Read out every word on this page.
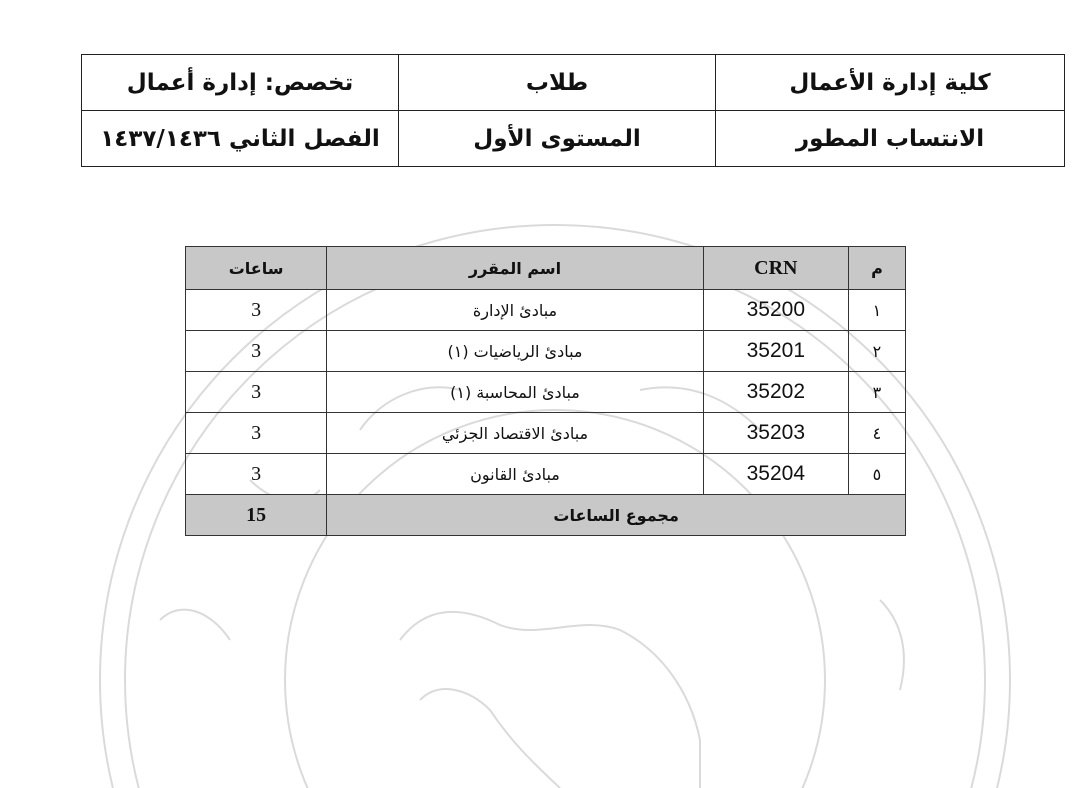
كلية إدارة الأعمال	طلاب	تخصص: إدارة أعمال
الانتساب المطور	المستوى الأول	الفصل الثاني ١٤٣٧/١٤٣٦
م	CRN	اسم المقرر	ساعات
١	35200	مبادئ الإدارة	3
٢	35201	مبادئ الرياضيات (١)	3
٣	35202	مبادئ المحاسبة (١)	3
٤	35203	مبادئ الاقتصاد الجزئي	3
٥	35204	مبادئ القانون	3
مجموع الساعات			15
